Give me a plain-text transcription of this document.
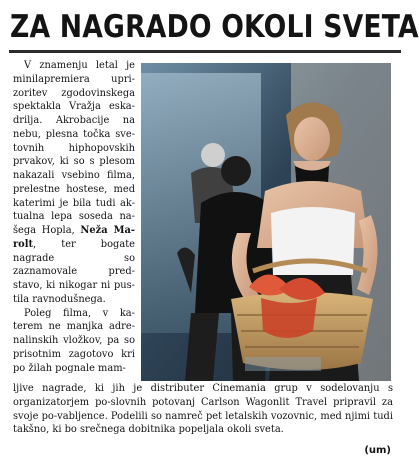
ZA NAGRADO OKOLI SVETA

V znamenju letal je minilapremiera upri-zoritev zgodovinskega spektakla Vražja eska-drilja. Akrobacije na nebu, plesna točka sve-tovnih hiphopovskih prvakov, ki so s plesom nakazali vsebino filma, prelestne hostese, med katerimi je bila tudi ak-tualna lepa soseda na-šega Hopla, Neža Ma-rolt, ter bogate nagrade so zaznamovale pred-stavo, ki nikogar ni pus-tila ravnodušnega.

Poleg filma, v ka-terem ne manjka adre-nalinskih vložkov, pa so prisotnim zagotovo kri po žilah pognale mam-

ljive nagrade, ki jih je distributer Cinemania grup v sodelovanju s organizatorjem po-slovnih potovanj Carlson Wagonlit Travel pripravil za svoje po-vabljence. Podelili so namreč pet letalskih vozovnic, med njimi tudi takšno, ki bo srečnega dobitnika popeljala okoli sveta.
(um)
